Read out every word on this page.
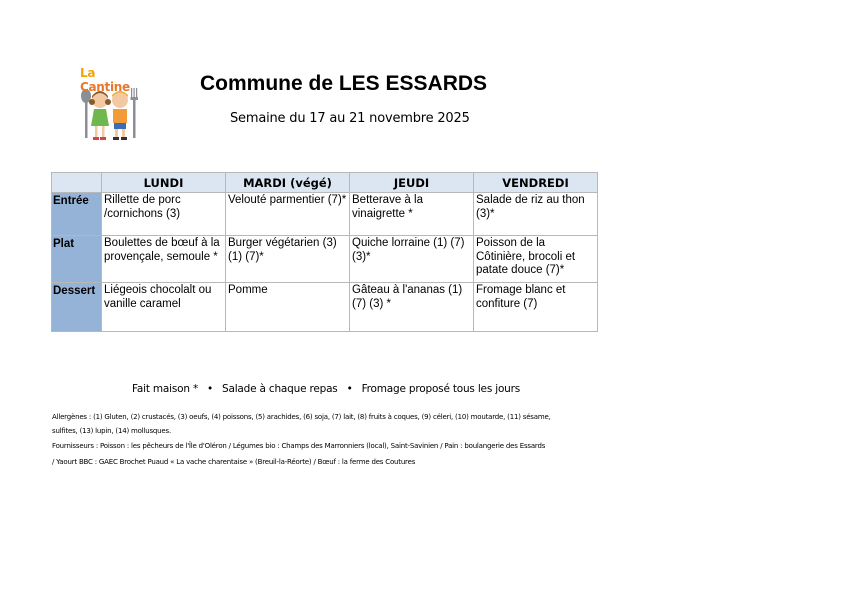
La Cantine	Commune de LES ESSARDS
Semaine du 17 au 21 novembre 2025
	LUNDI	MARDI (végé)	JEUDI	VENDREDI
Entrée	Rillette de porc /cornichons (3)	Velouté parmentier (7)*	Betterave à la vinaigrette *	Salade de riz au thon (3)*
Plat	Boulettes de bœuf à la provençale, semoule *	Burger végétarien (3) (1) (7)*	Quiche lorraine (1) (7) (3)*	Poisson de la Côtinière, brocoli et patate douce (7)*
Dessert	Liégeois chocolalt ou vanille caramel	Pomme	Gâteau à l'ananas (1) (7) (3) *	Fromage blanc et confiture (7)
Fait maison * • Salade à chaque repas • Fromage proposé tous les jours
Allergènes : (1) Gluten, (2) crustacés, (3) oeufs, (4) poissons, (5) arachides, (6) soja, (7) lait, (8) fruits à coques, (9) céleri, (10) moutarde, (11) sésame,
sulfites, (13) lupin, (14) mollusques.
Fournisseurs : Poisson : les pêcheurs de l'Île d'Oléron / Légumes bio : Champs des Marronniers (local), Saint-Savinien / Pain : boulangerie des Essards
/ Yaourt BBC : GAEC Brochet Puaud « La vache charentaise » (Breuil-la-Réorte) / Bœuf : la ferme des Coutures
